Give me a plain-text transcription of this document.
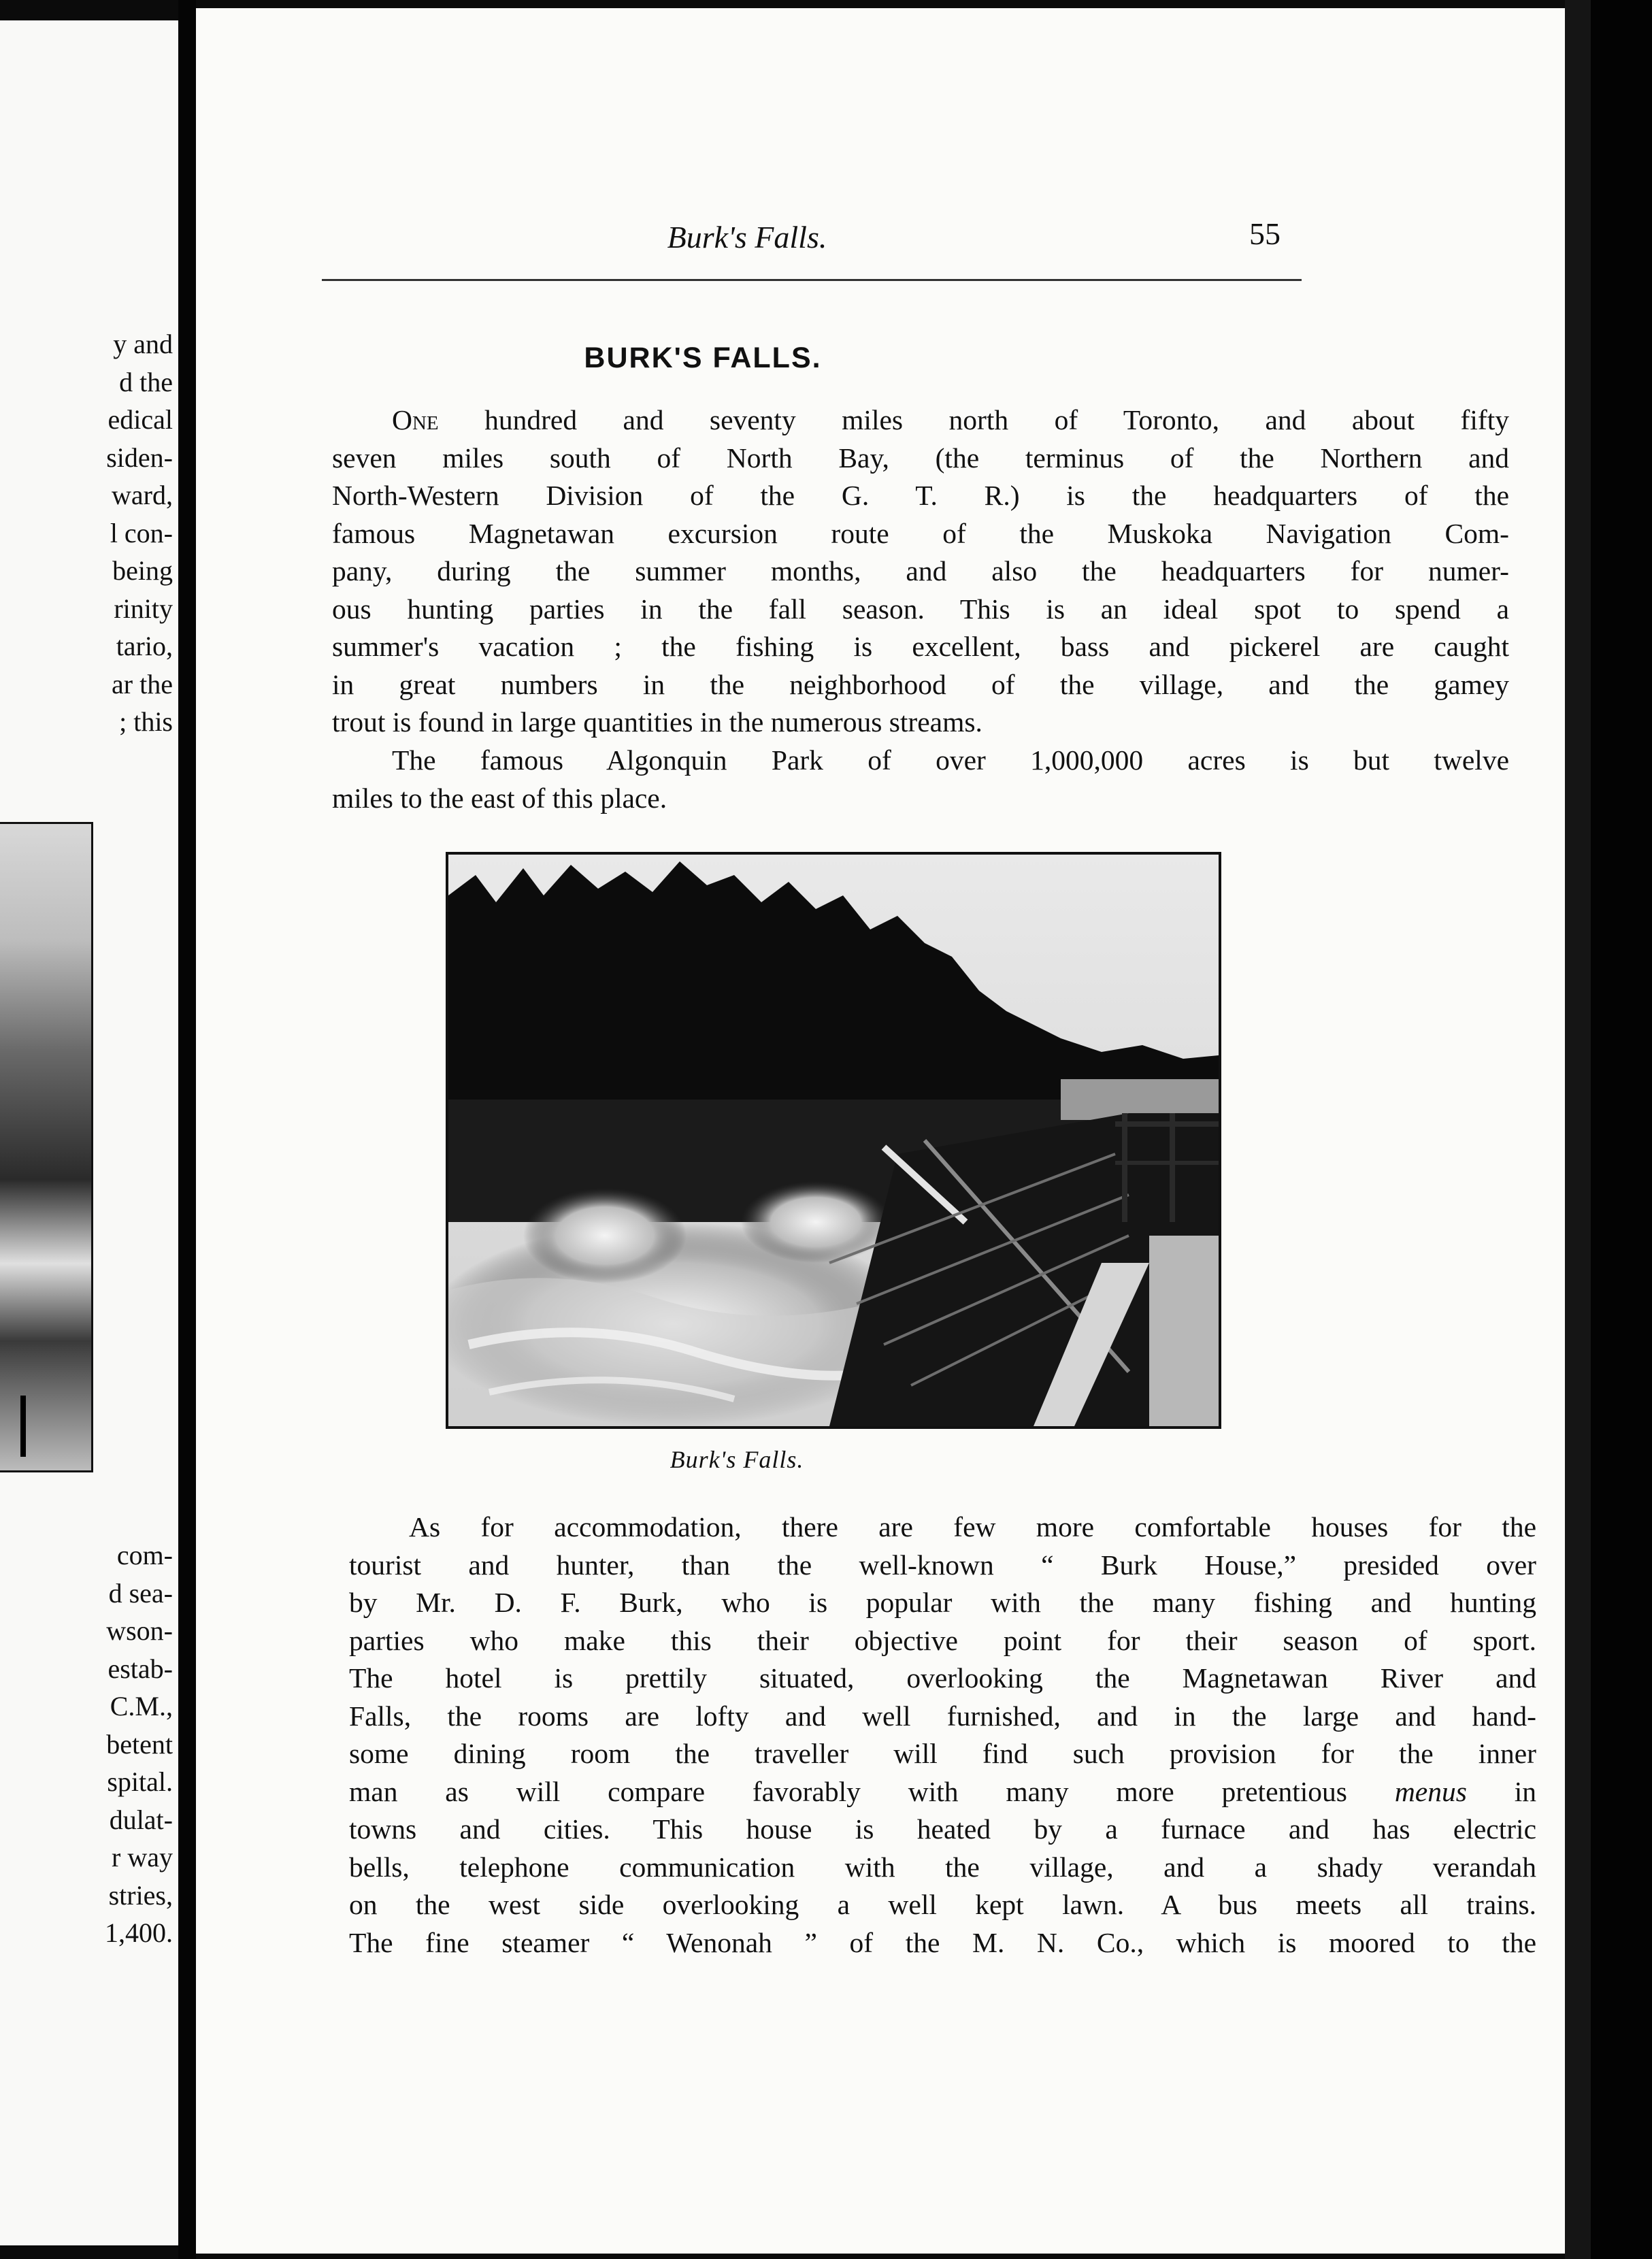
y and
d the
edical
siden-
ward,
l con-
being
rinity
tario,
ar the
; this
com-
d sea-
wson-
estab-
C.M.,
betent
spital.
dulat-
r way
stries,
1,400.
Burk's Falls.	55
BURK'S FALLS.
One hundred and seventy miles north of Toronto, and about fifty
seven miles south of North Bay, (the terminus of the Northern and
North-Western Division of the G. T. R.) is the headquarters of the
famous Magnetawan excursion route of the Muskoka Navigation Com-
pany, during the summer months, and also the headquarters for numer-
ous hunting parties in the fall season. This is an ideal spot to spend a
summer's vacation ; the fishing is excellent, bass and pickerel are caught
in great numbers in the neighborhood of the village, and the gamey
trout is found in large quantities in the numerous streams.
The famous Algonquin Park of over 1,000,000 acres is but twelve
miles to the east of this place.
Burk's Falls.
As for accommodation, there are few more comfortable houses for the
tourist and hunter, than the well-known “ Burk House,” presided over
by Mr. D. F. Burk, who is popular with the many fishing and hunting
parties who make this their objective point for their season of sport.
The hotel is prettily situated, overlooking the Magnetawan River and
Falls, the rooms are lofty and well furnished, and in the large and hand-
some dining room the traveller will find such provision for the inner
man as will compare favorably with many more pretentious menus in
towns and cities. This house is heated by a furnace and has electric
bells, telephone communication with the village, and a shady verandah
on the west side overlooking a well kept lawn. A bus meets all trains.
The fine steamer “ Wenonah ” of the M. N. Co., which is moored to the
